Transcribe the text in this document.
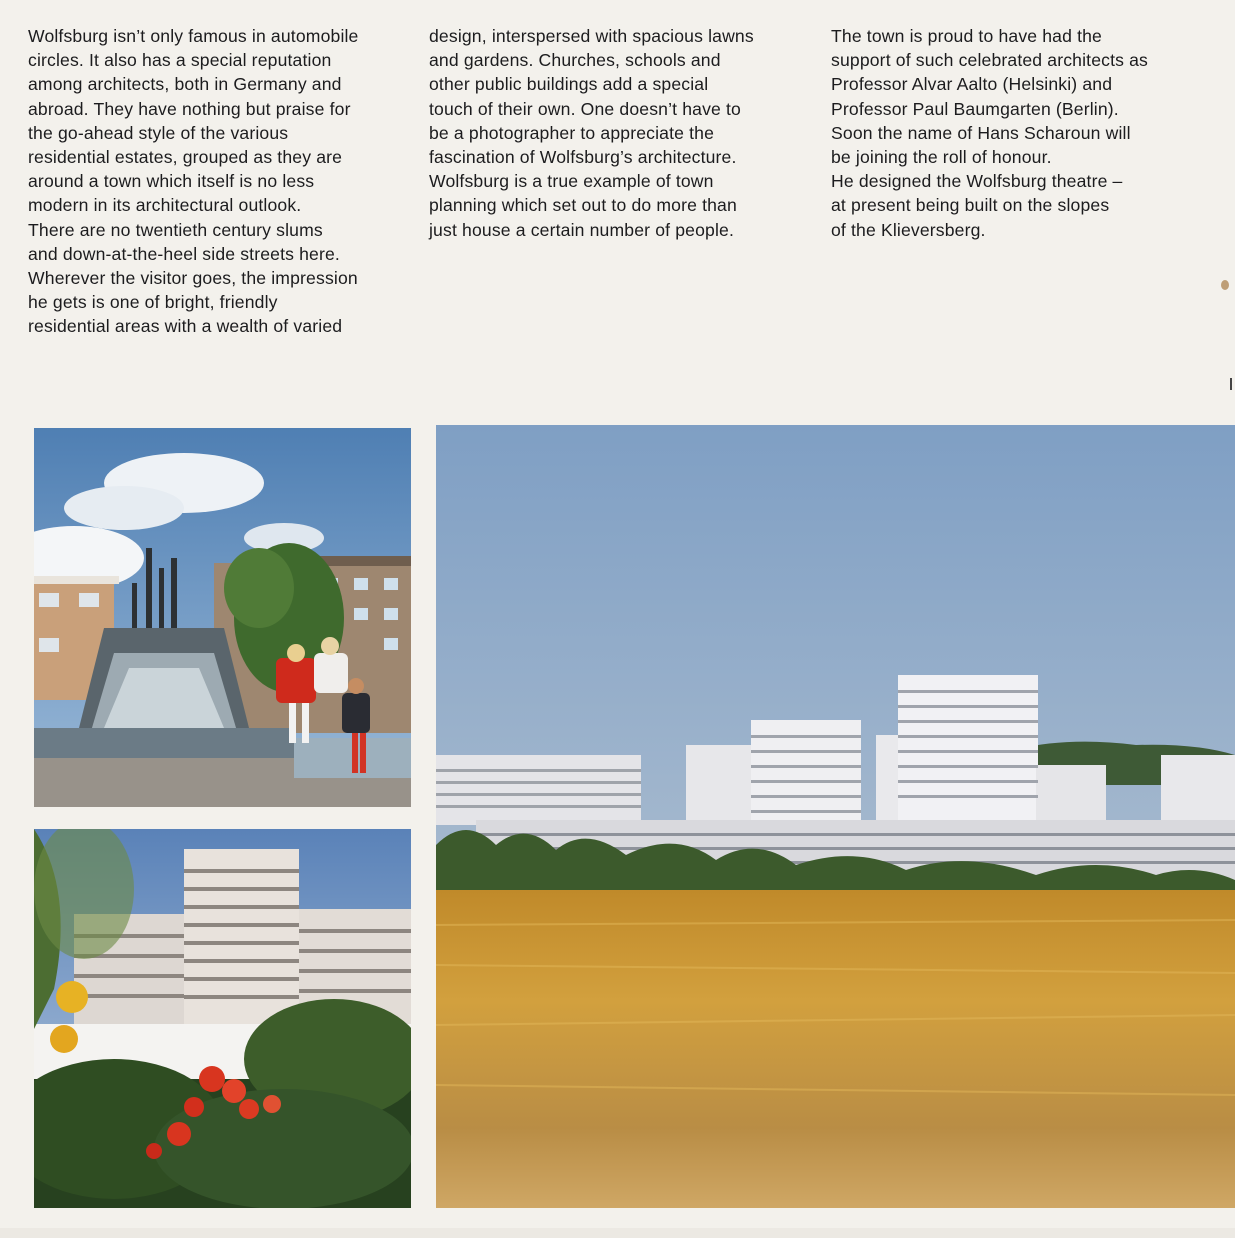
Wolfsburg isn’t only famous in automobile
circles. It also has a special reputation
among architects, both in Germany and
abroad. They have nothing but praise for
the go-ahead style of the various
residential estates, grouped as they are
around a town which itself is no less
modern in its architectural outlook.
There are no twentieth century slums
and down-at-the-heel side streets here.
Wherever the visitor goes, the impression
he gets is one of bright, friendly
residential areas with a wealth of varied

design, interspersed with spacious lawns
and gardens. Churches, schools and
other public buildings add a special
touch of their own. One doesn’t have to
be a photographer to appreciate the
fascination of Wolfsburg’s architecture.
Wolfsburg is a true example of town
planning which set out to do more than
just house a certain number of people.

The town is proud to have had the
support of such celebrated architects as
Professor Alvar Aalto (Helsinki) and
Professor Paul Baumgarten (Berlin).
Soon the name of Hans Scharoun will
be joining the roll of honour.
He designed the Wolfsburg theatre –
at present being built on the slopes
of the Klieversberg.
